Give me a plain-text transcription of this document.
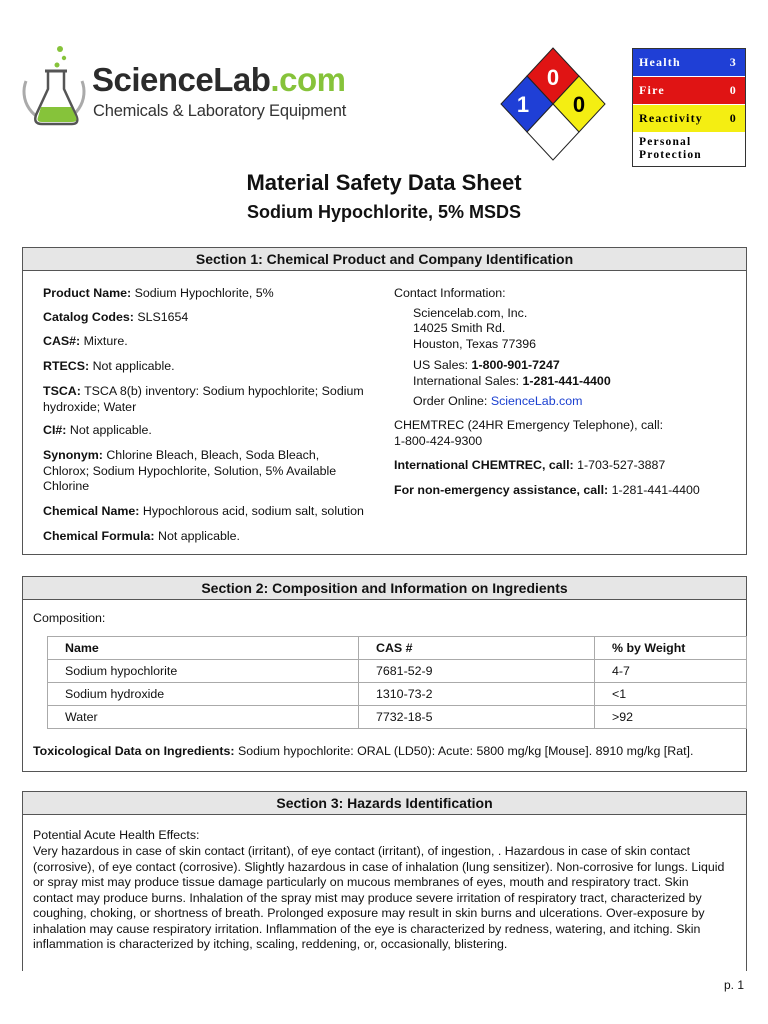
ScienceLab.com
Chemicals & Laboratory Equipment
0
1 0
Health	3
Fire	0
Reactivity 0
Personal Protection
Material Safety Data Sheet
Sodium Hypochlorite, 5% MSDS
Section 1: Chemical Product and Company Identification
Product Name: Sodium Hypochlorite, 5%
Catalog Codes: SLS1654
CAS#: Mixture.
RTECS: Not applicable.
TSCA: TSCA 8(b) inventory: Sodium hypochlorite; Sodium hydroxide; Water
CI#: Not applicable.
Synonym: Chlorine Bleach, Bleach, Soda Bleach, Chlorox; Sodium Hypochlorite, Solution, 5% Available Chlorine
Chemical Name: Hypochlorous acid, sodium salt, solution
Chemical Formula: Not applicable.
Contact Information:
Sciencelab.com, Inc.
14025 Smith Rd.
Houston, Texas 77396
US Sales: 1-800-901-7247
International Sales: 1-281-441-4400
Order Online: ScienceLab.com
CHEMTREC (24HR Emergency Telephone), call:
1-800-424-9300
International CHEMTREC, call: 1-703-527-3887
For non-emergency assistance, call: 1-281-441-4400
Section 2: Composition and Information on Ingredients
Composition:
Name	CAS #	% by Weight
Sodium hypochlorite	7681-52-9	4-7
Sodium hydroxide	1310-73-2	<1
Water	7732-18-5	>92
Toxicological Data on Ingredients: Sodium hypochlorite: ORAL (LD50): Acute: 5800 mg/kg [Mouse]. 8910 mg/kg [Rat].
Section 3: Hazards Identification
Potential Acute Health Effects:
Very hazardous in case of skin contact (irritant), of eye contact (irritant), of ingestion, . Hazardous in case of skin contact
(corrosive), of eye contact (corrosive). Slightly hazardous in case of inhalation (lung sensitizer). Non-corrosive for lungs. Liquid
or spray mist may produce tissue damage particularly on mucous membranes of eyes, mouth and respiratory tract. Skin
contact may produce burns. Inhalation of the spray mist may produce severe irritation of respiratory tract, characterized by
coughing, choking, or shortness of breath. Prolonged exposure may result in skin burns and ulcerations. Over-exposure by
inhalation may cause respiratory irritation. Inflammation of the eye is characterized by redness, watering, and itching. Skin
inflammation is characterized by itching, scaling, reddening, or, occasionally, blistering.
p. 1
